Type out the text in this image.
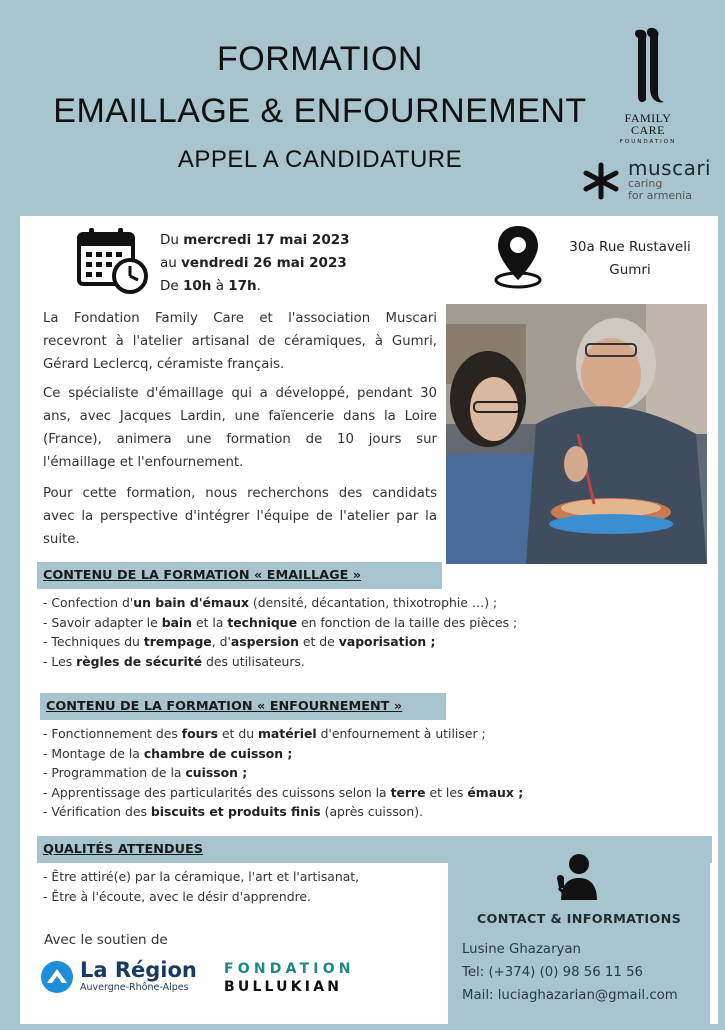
FORMATION
EMAILLAGE & ENFOURNEMENT
APPEL A CANDIDATURE
FAMILY
CARE
FOUNDATION
muscari
caring
for armenia
Du mercredi 17 mai 2023
au vendredi 26 mai 2023
De 10h à 17h.
30a Rue Rustaveli
Gumri

La Fondation Family Care et l'association Muscari recevront à l'atelier artisanal de céramiques, à Gumri, Gérard Leclercq, céramiste français.

Ce spécialiste d'émaillage qui a développé, pendant 30 ans, avec Jacques Lardin, une faïencerie dans la Loire (France), animera une formation de 10 jours sur l'émaillage et l'enfournement.

Pour cette formation, nous recherchons des candidats avec la perspective d'intégrer l'équipe de l'atelier par la suite.

CONTENU DE LA FORMATION « EMAILLAGE »
- Confection d'un bain d'émaux (densité, décantation, thixotrophie …) ;
- Savoir adapter le bain et la technique en fonction de la taille des pièces ;
- Techniques du trempage, d'aspersion et de vaporisation ;
- Les règles de sécurité des utilisateurs.
CONTENU DE LA FORMATION « ENFOURNEMENT »
- Fonctionnement des fours et du matériel d'enfournement à utiliser ;
- Montage de la chambre de cuisson ;
- Programmation de la cuisson ;
- Apprentissage des particularités des cuissons selon la terre et les émaux ;
- Vérification des biscuits et produits finis (après cuisson).
QUALITÉS ATTENDUES
- Être attiré(e) par la céramique, l'art et l'artisanat,
- Être à l'écoute, avec le désir d'apprendre.
CONTACT & INFORMATIONS
Lusine Ghazaryan
Tel: (+374) (0) 98 56 11 56
Mail: luciaghazarian@gmail.com
Avec le soutien de
La Région
Auvergne-Rhône-Alpes
FONDATION
BULLUKIAN
